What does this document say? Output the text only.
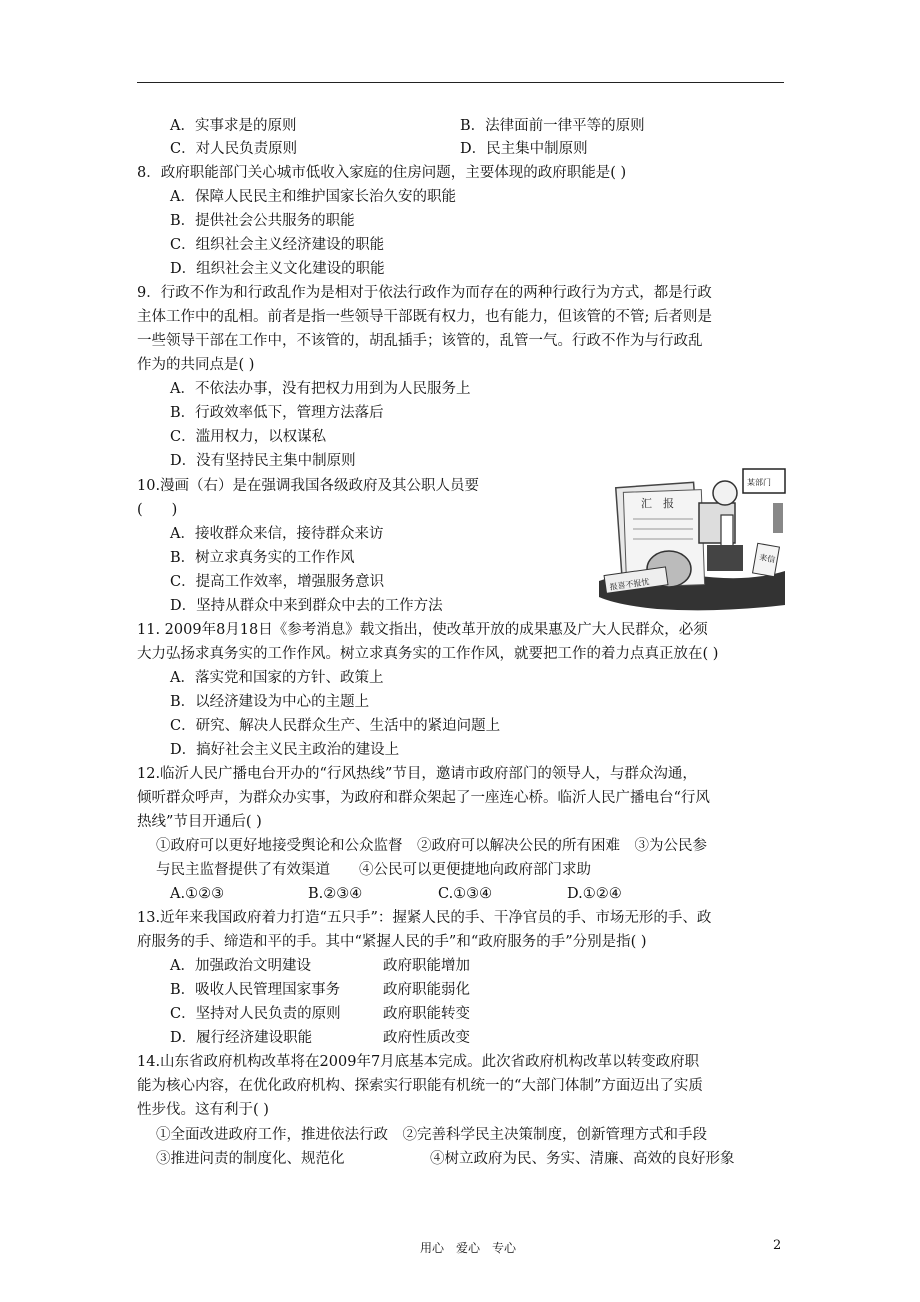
A．实事求是的原则	B．法律面前一律平等的原则
C．对人民负责原则	D．民主集中制原则
8．政府职能部门关心城市低收入家庭的住房问题，主要体现的政府职能是( )
A．保障人民民主和维护国家长治久安的职能
B．提供社会公共服务的职能
C．组织社会主义经济建设的职能
D．组织社会主义文化建设的职能
9．行政不作为和行政乱作为是相对于依法行政作为而存在的两种行政行为方式，都是行政
主体工作中的乱相。前者是指一些领导干部既有权力，也有能力，但该管的不管; 后者则是
一些领导干部在工作中，不该管的，胡乱插手；该管的，乱管一气。行政不作为与行政乱
作为的共同点是( )
A．不依法办事，没有把权力用到为人民服务上
B．行政效率低下，管理方法落后
C．滥用权力，以权谋私
D．没有坚持民主集中制原则
10.漫画（右）是在强调我国各级政府及其公职人员要
(　　)
A．接收群众来信，接待群众来访
B．树立求真务实的工作作风
C．提高工作效率，增强服务意识
D．坚持从群众中来到群众中去的工作方法
11. 2009年8月18日《参考消息》载文指出，使改革开放的成果惠及广大人民群众，必须
大力弘扬求真务实的工作作风。树立求真务实的工作作风，就要把工作的着力点真正放在( )
A．落实党和国家的方针、政策上
B．以经济建设为中心的主题上
C．研究、解决人民群众生产、生活中的紧迫问题上
D．搞好社会主义民主政治的建设上
12.临沂人民广播电台开办的“行风热线”节目，邀请市政府部门的领导人，与群众沟通，
倾听群众呼声，为群众办实事，为政府和群众架起了一座连心桥。临沂人民广播电台“行风
热线”节目开通后( )
①政府可以更好地接受舆论和公众监督　②政府可以解决公民的所有困难　③为公民参
与民主监督提供了有效渠道　　④公民可以更便捷地向政府部门求助
A.①②③	B.②③④	C.①③④	D.①②④
13.近年来我国政府着力打造“五只手”：握紧人民的手、干净官员的手、市场无形的手、政
府服务的手、缔造和平的手。其中“紧握人民的手”和“政府服务的手”分别是指( )
A．加强政治文明建设	政府职能增加
B．吸收人民管理国家事务	政府职能弱化
C．坚持对人民负责的原则	政府职能转变
D．履行经济建设职能	政府性质改变
14.山东省政府机构改革将在2009年7月底基本完成。此次省政府机构改革以转变政府职
能为核心内容，在优化政府机构、探索实行职能有机统一的“大部门体制”方面迈出了实质
性步伐。这有利于( )
①全面改进政府工作，推进依法行政　②完善科学民主决策制度，创新管理方式和手段
③推进问责的制度化、规范化	④树立政府为民、务实、清廉、高效的良好形象
汇　报
报喜不报忧
某部门
来信
用心　爱心　专心	2
